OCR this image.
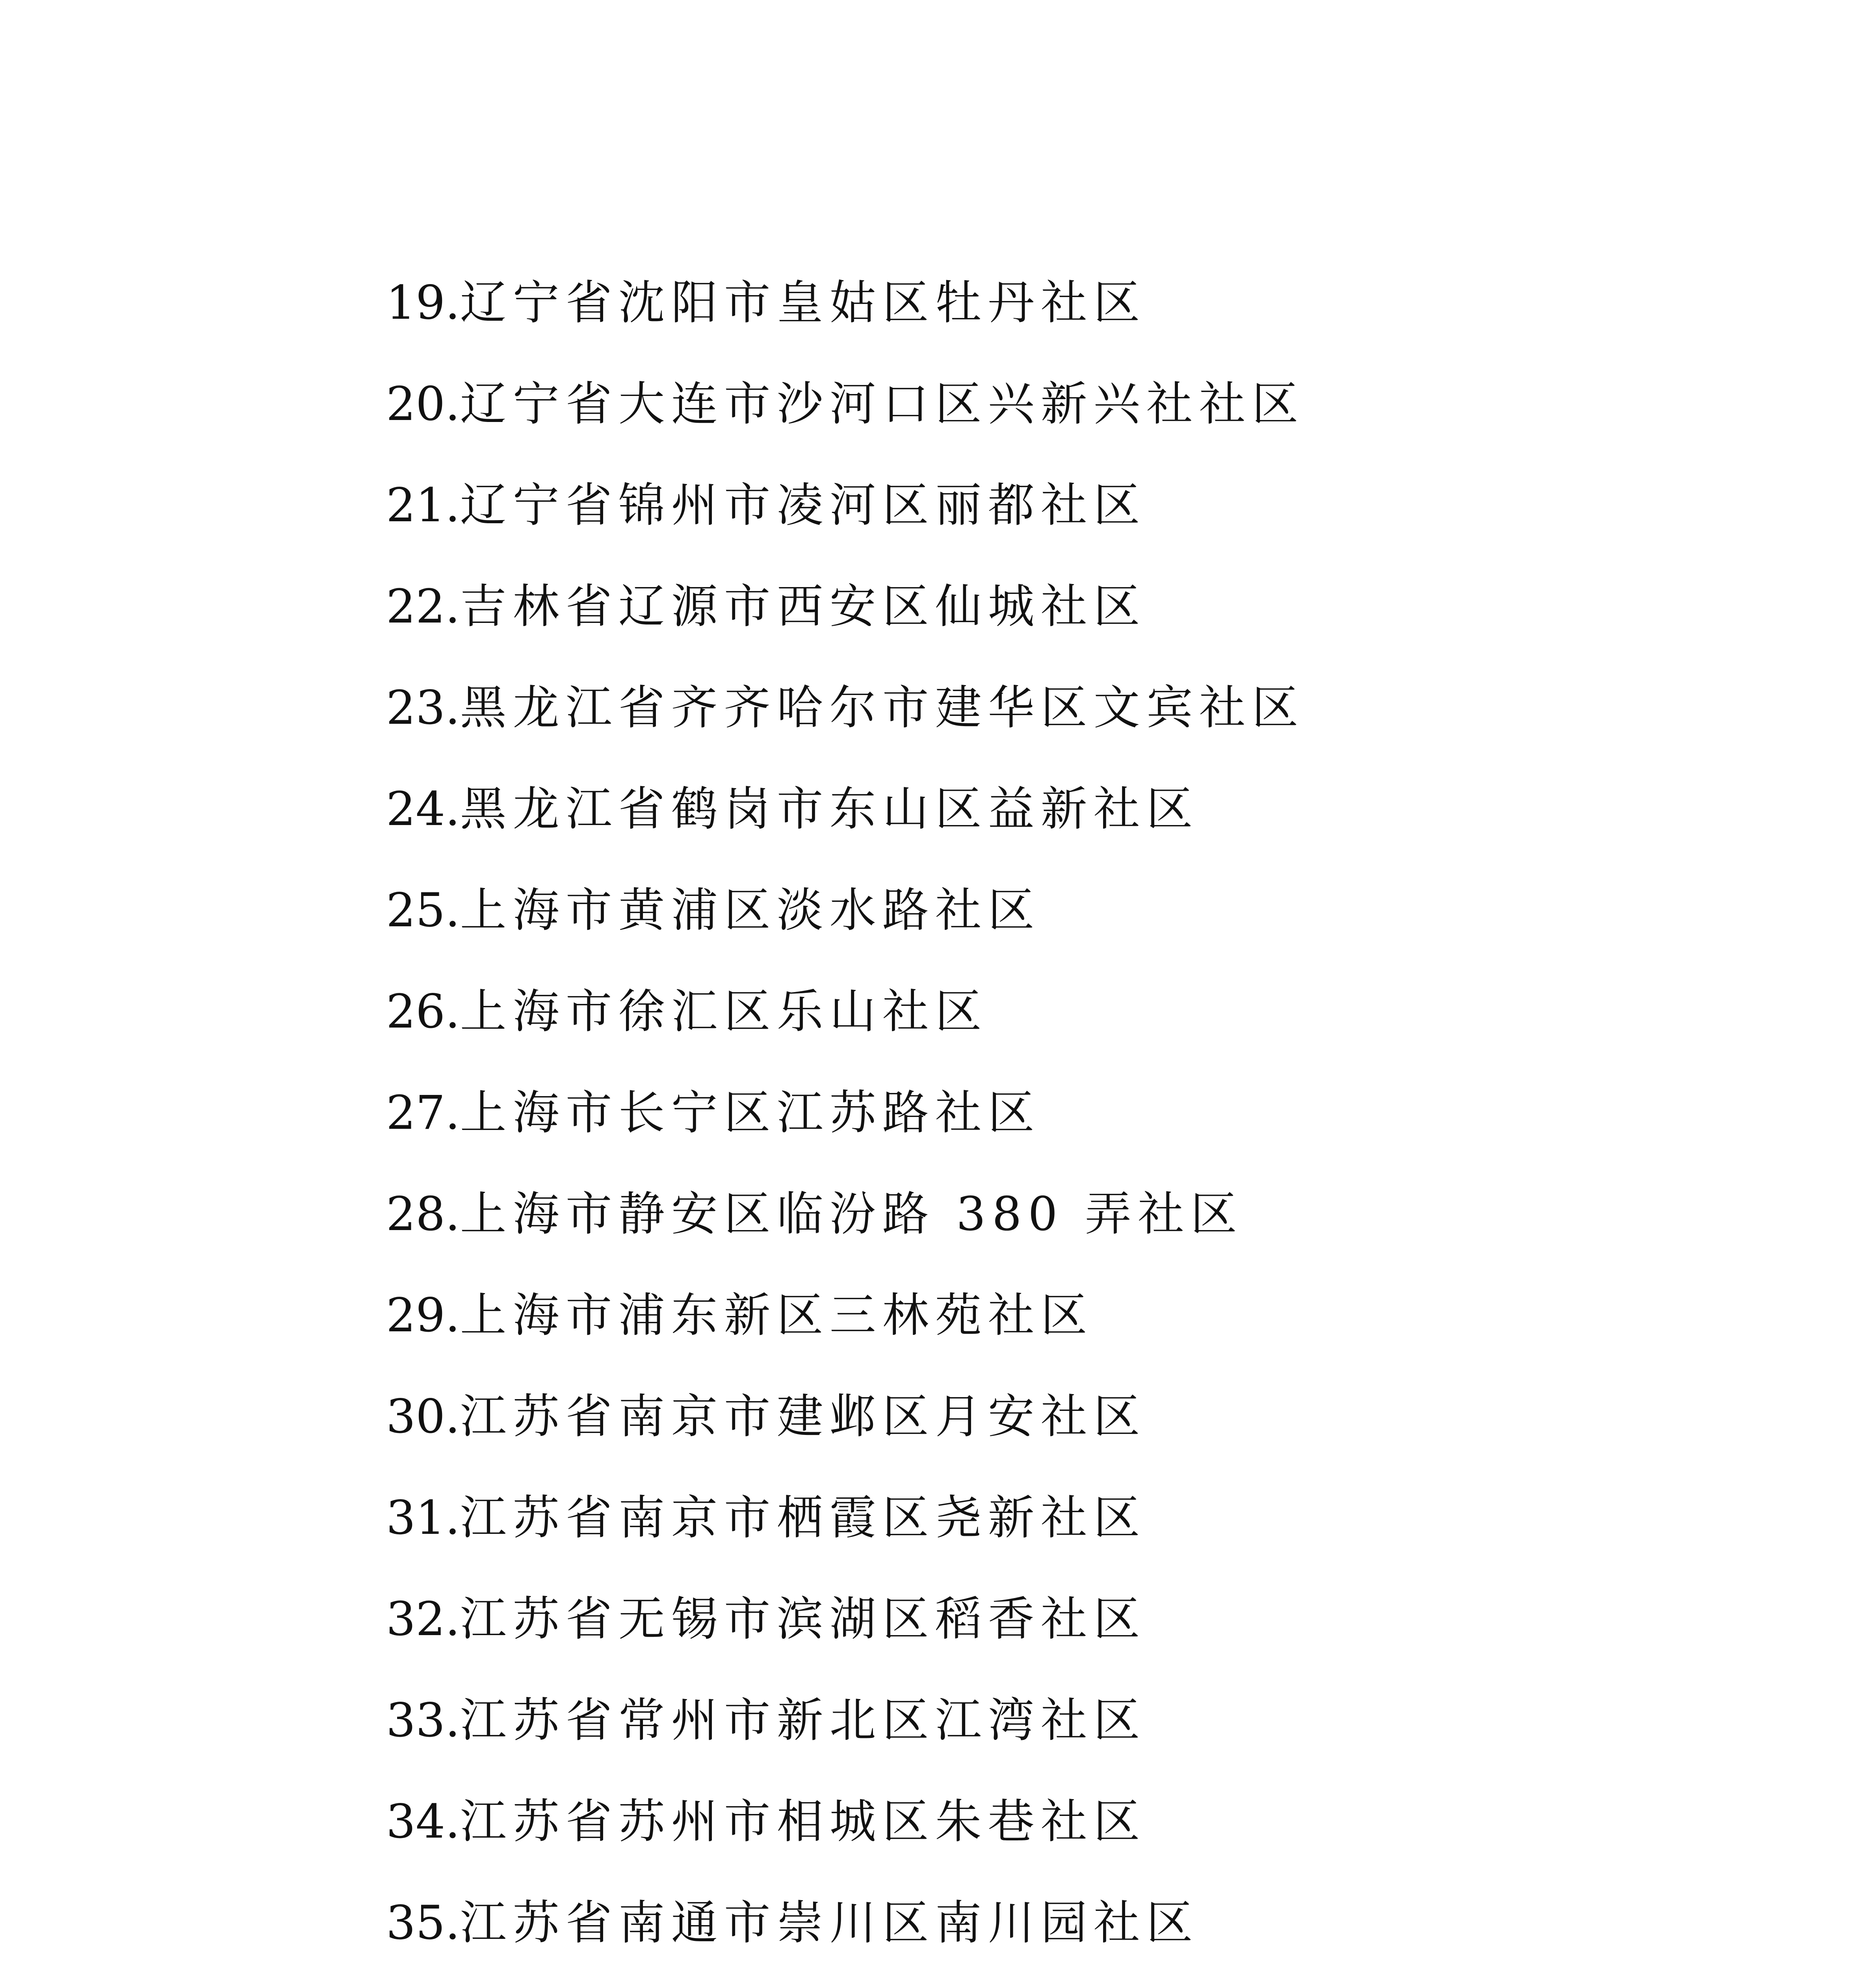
19. 辽宁省沈阳市皇姑区牡丹社区
20. 辽宁省大连市沙河口区兴新兴社社区
21. 辽宁省锦州市凌河区丽都社区
22. 吉林省辽源市西安区仙城社区
23. 黑龙江省齐齐哈尔市建华区文宾社区
24. 黑龙江省鹤岗市东山区益新社区
25. 上海市黄浦区淡水路社区
26. 上海市徐汇区乐山社区
27. 上海市长宁区江苏路社区
28. 上海市静安区临汾路 380 弄社区
29. 上海市浦东新区三林苑社区
30. 江苏省南京市建邺区月安社区
31. 江苏省南京市栖霞区尧新社区
32. 江苏省无锡市滨湖区稻香社区
33. 江苏省常州市新北区江湾社区
34. 江苏省苏州市相城区朱巷社区
35. 江苏省南通市崇川区南川园社区
